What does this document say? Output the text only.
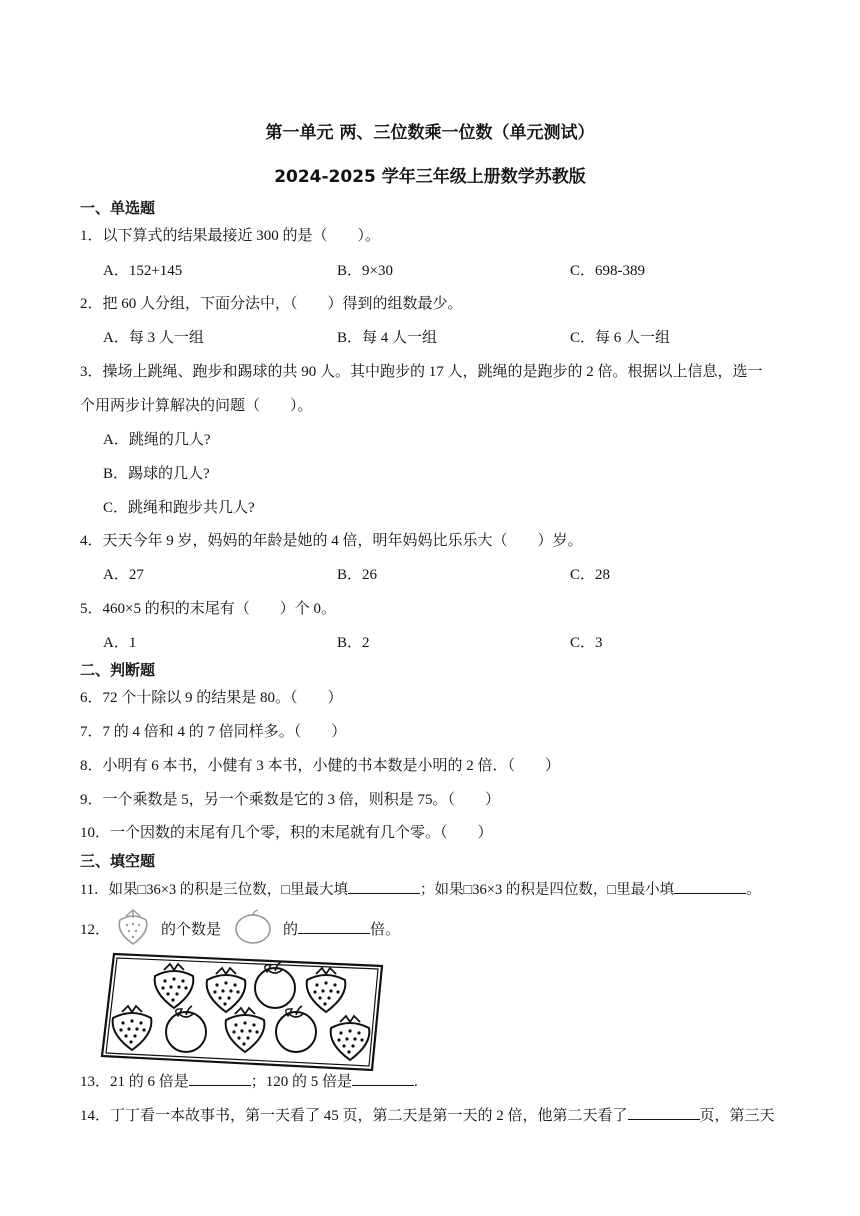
第一单元 两、三位数乘一位数（单元测试）
2024-2025 学年三年级上册数学苏教版
一、单选题
1．以下算式的结果最接近 300 的是（　　）。
A．152+145	B．9×30	C．698-389
2．把 60 人分组，下面分法中，（　　）得到的组数最少。
A．每 3 人一组	B．每 4 人一组	C．每 6 人一组
3．操场上跳绳、跑步和踢球的共 90 人。其中跑步的 17 人，跳绳的是跑步的 2 倍。根据以上信息，选一
个用两步计算解决的问题（　　）。
A．跳绳的几人?
B．踢球的几人?
C．跳绳和跑步共几人?
4．天天今年 9 岁，妈妈的年龄是她的 4 倍，明年妈妈比乐乐大（　　）岁。
A．27	B．26	C．28
5．460×5 的积的末尾有（　　）个 0。
A．1	B．2	C．3
二、判断题
6．72 个十除以 9 的结果是 80。（　　）
7．7 的 4 倍和 4 的 7 倍同样多。（　　）
8．小明有 6 本书，小健有 3 本书，小健的书本数是小明的 2 倍．（　　）
9．一个乘数是 5，另一个乘数是它的 3 倍，则积是 75。（　　）
10．一个因数的末尾有几个零，积的末尾就有几个零。（　　）
三、填空题
11．如果□36×3 的积是三位数，□里最大填	；如果□36×3 的积是四位数，□里最小填	。
12．	的个数是	的	倍。
13．21 的 6 倍是	；120 的 5 倍是	.
14．丁丁看一本故事书，第一天看了 45 页，第二天是第一天的 2 倍，他第二天看了	页，第三天
